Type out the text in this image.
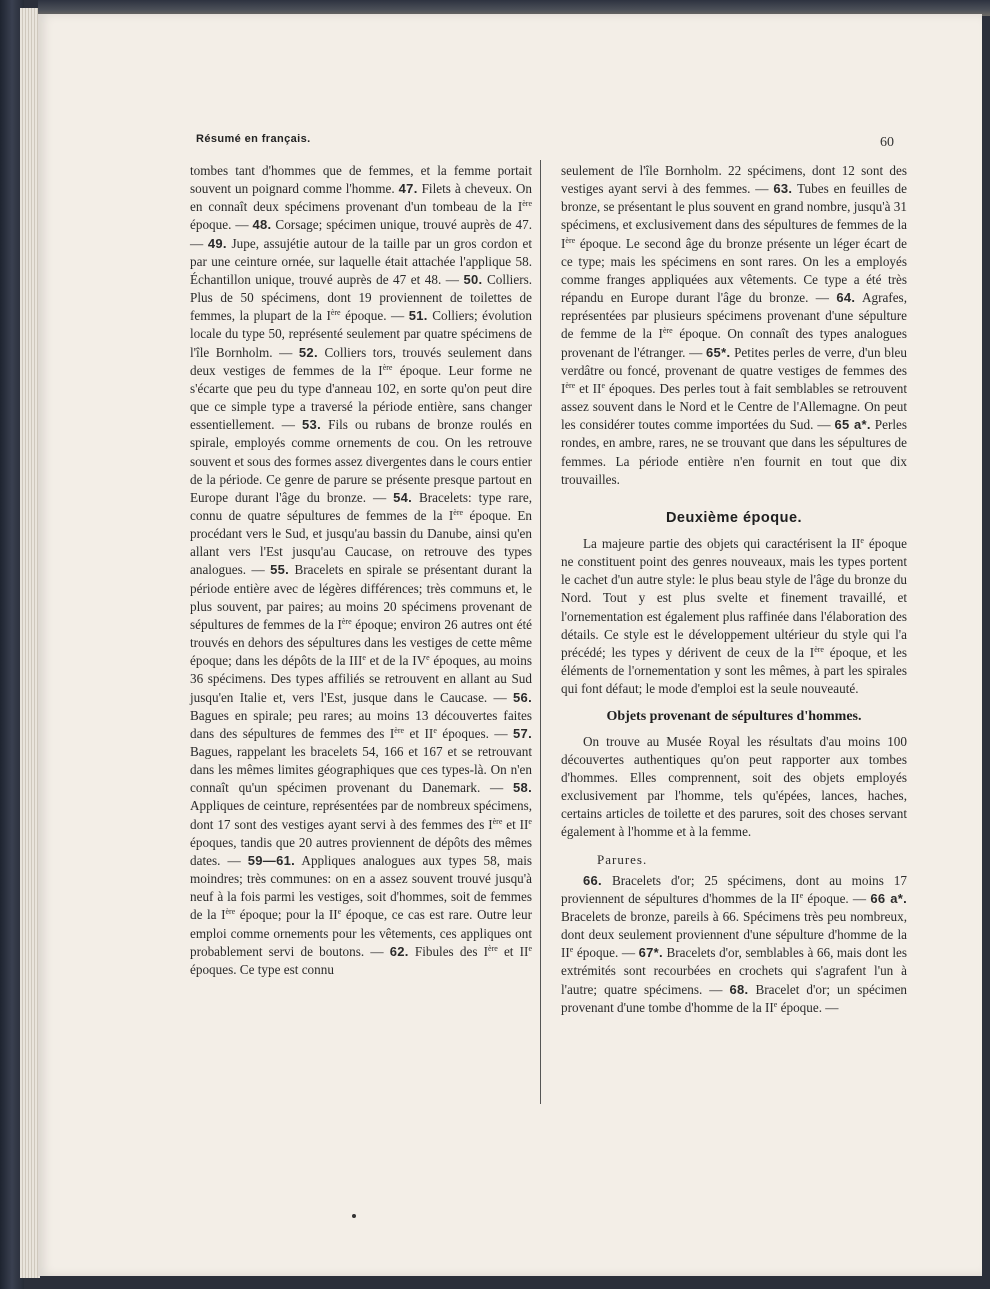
Résumé en français.	60

tombes tant d'hommes que de femmes, et la femme portait souvent un poignard comme l'homme. 47. Filets à cheveux. On en connaît deux spécimens provenant d'un tombeau de la Ière époque. — 48. Corsage; spécimen unique, trouvé auprès de 47. — 49. Jupe, assujétie autour de la taille par un gros cordon et par une ceinture ornée, sur laquelle était attachée l'applique 58. Échantillon unique, trouvé auprès de 47 et 48. — 50. Colliers. Plus de 50 spécimens, dont 19 proviennent de toilettes de femmes, la plupart de la Ière époque. — 51. Colliers; évolution locale du type 50, représenté seulement par quatre spécimens de l'île Bornholm. — 52. Colliers tors, trouvés seulement dans deux vestiges de femmes de la Ière époque. Leur forme ne s'écarte que peu du type d'anneau 102, en sorte qu'on peut dire que ce simple type a traversé la période entière, sans changer essentiellement. — 53. Fils ou rubans de bronze roulés en spirale, employés comme ornements de cou. On les retrouve souvent et sous des formes assez divergentes dans le cours entier de la période. Ce genre de parure se présente presque partout en Europe durant l'âge du bronze. — 54. Bracelets: type rare, connu de quatre sépultures de femmes de la Ière époque. En procédant vers le Sud, et jusqu'au bassin du Danube, ainsi qu'en allant vers l'Est jusqu'au Caucase, on retrouve des types analogues. — 55. Bracelets en spirale se présentant durant la période entière avec de légères différences; très communs et, le plus souvent, par paires; au moins 20 spécimens provenant de sépultures de femmes de la Ière époque; environ 26 autres ont été trouvés en dehors des sépultures dans les vestiges de cette même époque; dans les dépôts de la IIIe et de la IVe époques, au moins 36 spécimens. Des types affiliés se retrouvent en allant au Sud jusqu'en Italie et, vers l'Est, jusque dans le Caucase. — 56. Bagues en spirale; peu rares; au moins 13 découvertes faites dans des sépultures de femmes des Ière et IIe époques. — 57. Bagues, rappelant les bracelets 54, 166 et 167 et se retrouvant dans les mêmes limites géographiques que ces types-là. On n'en connaît qu'un spécimen provenant du Danemark. — 58. Appliques de ceinture, représentées par de nombreux spécimens, dont 17 sont des vestiges ayant servi à des femmes des Ière et IIe époques, tandis que 20 autres proviennent de dépôts des mêmes dates. — 59—61. Appliques analogues aux types 58, mais moindres; très communes: on en a assez souvent trouvé jusqu'à neuf à la fois parmi les vestiges, soit d'hommes, soit de femmes de la Ière époque; pour la IIe époque, ce cas est rare. Outre leur emploi comme ornements pour les vêtements, ces appliques ont probablement servi de boutons. — 62. Fibules des Ière et IIe époques. Ce type est connu

seulement de l'île Bornholm. 22 spécimens, dont 12 sont des vestiges ayant servi à des femmes. — 63. Tubes en feuilles de bronze, se présentant le plus souvent en grand nombre, jusqu'à 31 spécimens, et exclusivement dans des sépultures de femmes de la Ière époque. Le second âge du bronze présente un léger écart de ce type; mais les spécimens en sont rares. On les a employés comme franges appliquées aux vêtements. Ce type a été très répandu en Europe durant l'âge du bronze. — 64. Agrafes, représentées par plusieurs spécimens provenant d'une sépulture de femme de la Ière époque. On connaît des types analogues provenant de l'étranger. — 65*. Petites perles de verre, d'un bleu verdâtre ou foncé, provenant de quatre vestiges de femmes des Ière et IIe époques. Des perles tout à fait semblables se retrouvent assez souvent dans le Nord et le Centre de l'Allemagne. On peut les considérer toutes comme importées du Sud. — 65 a*. Perles rondes, en ambre, rares, ne se trouvant que dans les sépultures de femmes. La période entière n'en fournit en tout que dix trouvailles.

Deuxième époque.

La majeure partie des objets qui caractérisent la IIe époque ne constituent point des genres nouveaux, mais les types portent le cachet d'un autre style: le plus beau style de l'âge du bronze du Nord. Tout y est plus svelte et finement travaillé, et l'ornementation est également plus raffinée dans l'élaboration des détails. Ce style est le développement ultérieur du style qui l'a précédé; les types y dérivent de ceux de la Ière époque, et les éléments de l'ornementation y sont les mêmes, à part les spirales qui font défaut; le mode d'emploi est la seule nouveauté.

Objets provenant de sépultures d'hommes.

On trouve au Musée Royal les résultats d'au moins 100 découvertes authentiques qu'on peut rapporter aux tombes d'hommes. Elles comprennent, soit des objets employés exclusivement par l'homme, tels qu'épées, lances, haches, certains articles de toilette et des parures, soit des choses servant également à l'homme et à la femme.

Parures.

66. Bracelets d'or; 25 spécimens, dont au moins 17 proviennent de sépultures d'hommes de la IIe époque. — 66 a*. Bracelets de bronze, pareils à 66. Spécimens très peu nombreux, dont deux seulement proviennent d'une sépulture d'homme de la IIe époque. — 67*. Bracelets d'or, semblables à 66, mais dont les extrémités sont recourbées en crochets qui s'agrafent l'un à l'autre; quatre spécimens. — 68. Bracelet d'or; un spécimen provenant d'une tombe d'homme de la IIe époque. —
